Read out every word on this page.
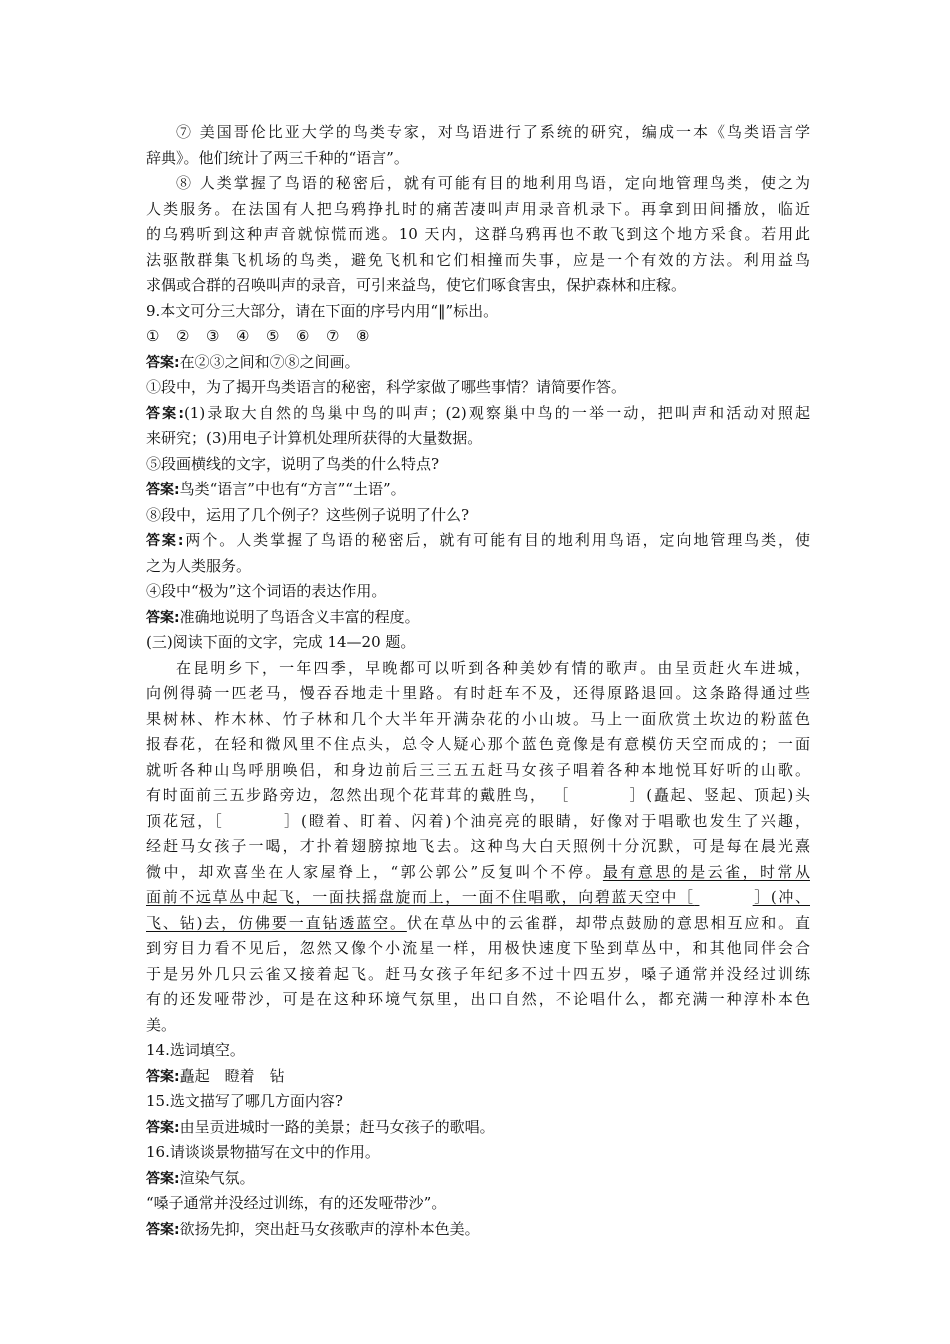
⑦ 美国哥伦比亚大学的鸟类专家，对鸟语进行了系统的研究，编成一本《鸟类语言学
辞典》。他们统计了两三千种的“语言”。
⑧ 人类掌握了鸟语的秘密后，就有可能有目的地利用鸟语，定向地管理鸟类，使之为
人类服务。在法国有人把乌鸦挣扎时的痛苦凄叫声用录音机录下。再拿到田间播放，临近
的乌鸦听到这种声音就惊慌而逃。10 天内，这群乌鸦再也不敢飞到这个地方采食。若用此
法驱散群集飞机场的鸟类，避免飞机和它们相撞而失事，应是一个有效的方法。利用益鸟
求偶或合群的召唤叫声的录音，可引来益鸟，使它们啄食害虫，保护森林和庄稼。
9.本文可分三大部分，请在下面的序号内用“‖”标出。
① ② ③ ④ ⑤ ⑥ ⑦ ⑧
答案:在②③之间和⑦⑧之间画。
①段中，为了揭开鸟类语言的秘密，科学家做了哪些事情？请简要作答。
答案:(1)录取大自然的鸟巢中鸟的叫声；(2)观察巢中鸟的一举一动，把叫声和活动对照起
来研究；(3)用电子计算机处理所获得的大量数据。
⑤段画横线的文字，说明了鸟类的什么特点?
答案:鸟类“语言”中也有“方言”“土语”。
⑧段中，运用了几个例子？这些例子说明了什么?
答案:两个。人类掌握了鸟语的秘密后，就有可能有目的地利用鸟语，定向地管理鸟类，使
之为人类服务。
④段中“极为”这个词语的表达作用。
答案:准确地说明了鸟语含义丰富的程度。
(三)阅读下面的文字，完成 14—20 题。
在昆明乡下，一年四季，早晚都可以听到各种美妙有情的歌声。由呈贡赶火车进城，
向例得骑一匹老马，慢吞吞地走十里路。有时赶车不及，还得原路退回。这条路得通过些
果树林、柞木林、竹子林和几个大半年开满杂花的小山坡。马上一面欣赏土坎边的粉蓝色
报春花，在轻和微风里不住点头，总令人疑心那个蓝色竟像是有意模仿天空而成的；一面
就听各种山鸟呼朋唤侣，和身边前后三三五五赶马女孩子唱着各种本地悦耳好听的山歌。
有时面前三五步路旁边，忽然出现个花茸茸的戴胜鸟， ［	］(矗起、竖起、顶起)头
顶花冠，［	］(瞪着、盯着、闪着)个油亮亮的眼睛，好像对于唱歌也发生了兴趣，
经赶马女孩子一喝，才扑着翅膀掠地飞去。这种鸟大白天照例十分沉默，可是每在晨光熹
微中，却欢喜坐在人家屋脊上，“郭公郭公”反复叫个不停。最有意思的是云雀，时常从
面前不远草丛中起飞，一面扶摇盘旋而上，一面不住唱歌，向碧蓝天空中［	］(冲、
飞、钻)去，仿佛要一直钻透蓝空。伏在草丛中的云雀群，却带点鼓励的意思相互应和。直
到穷目力看不见后，忽然又像个小流星一样，用极快速度下坠到草丛中，和其他同伴会合
于是另外几只云雀又接着起飞。赶马女孩子年纪多不过十四五岁，嗓子通常并没经过训练
有的还发哑带沙，可是在这种环境气氛里，出口自然，不论唱什么，都充满一种淳朴本色
美。
14.选词填空。
答案:矗起　瞪着　钻
15.选文描写了哪几方面内容?
答案:由呈贡进城时一路的美景；赶马女孩子的歌唱。
16.请谈谈景物描写在文中的作用。
答案:渲染气氛。
“嗓子通常并没经过训练，有的还发哑带沙”。
答案:欲扬先抑，突出赶马女孩歌声的淳朴本色美。
